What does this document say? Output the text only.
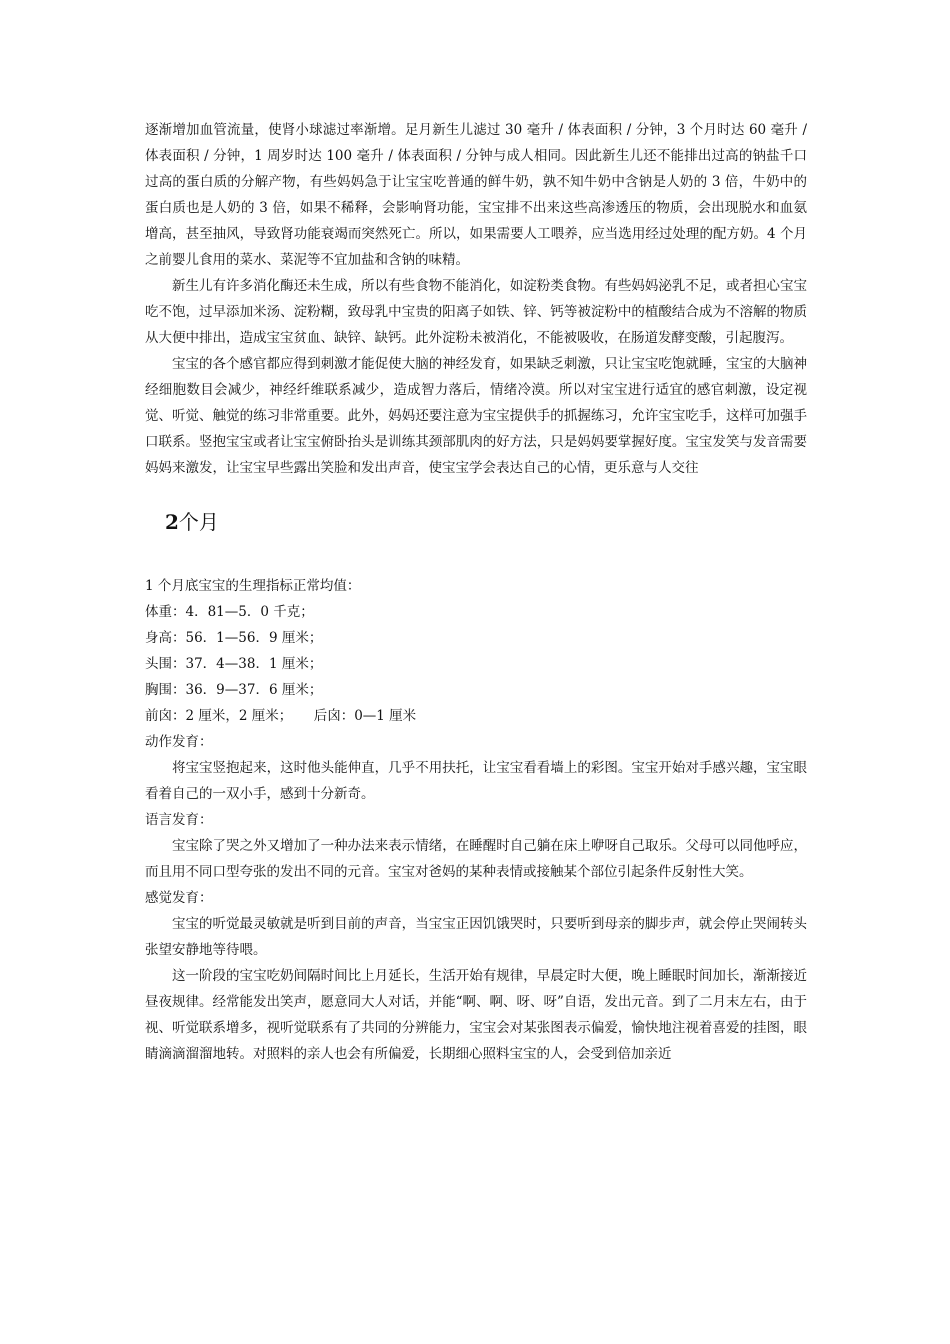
逐渐增加血管流量，使肾小球滤过率渐增。足月新生儿滤过 30 毫升 / 体表面积 / 分钟，3 个月时达 60 毫升 / 体表面积 / 分钟，1 周岁时达 100 毫升 / 体表面积 / 分钟与成人相同。因此新生儿还不能排出过高的钠盐千口过高的蛋白质的分解产物，有些妈妈急于让宝宝吃普通的鲜牛奶，孰不知牛奶中含钠是人奶的 3 倍，牛奶中的蛋白质也是人奶的 3 倍，如果不稀释，会影响肾功能，宝宝排不出来这些高渗透压的物质，会出现脱水和血氨增高，甚至抽风，导致肾功能衰竭而突然死亡。所以，如果需要人工喂养，应当选用经过处理的配方奶。4 个月之前婴儿食用的菜水、菜泥等不宜加盐和含钠的味精。

新生儿有许多消化酶还未生成，所以有些食物不能消化，如淀粉类食物。有些妈妈泌乳不足，或者担心宝宝吃不饱，过早添加米汤、淀粉糊，致母乳中宝贵的阳离子如铁、锌、钙等被淀粉中的植酸结合成为不溶解的物质从大便中排出，造成宝宝贫血、缺锌、缺钙。此外淀粉未被消化，不能被吸收，在肠道发酵变酸，引起腹泻。

宝宝的各个感官都应得到刺激才能促使大脑的神经发育，如果缺乏刺激，只让宝宝吃饱就睡，宝宝的大脑神经细胞数目会减少，神经纤维联系减少，造成智力落后，情绪冷漠。所以对宝宝进行适宜的感官刺激，设定视觉、听觉、触觉的练习非常重要。此外，妈妈还要注意为宝宝提供手的抓握练习，允许宝宝吃手，这样可加强手口联系。竖抱宝宝或者让宝宝俯卧抬头是训练其颈部肌肉的好方法，只是妈妈要掌握好度。宝宝发笑与发音需要妈妈来激发，让宝宝早些露出笑脸和发出声音，使宝宝学会表达自己的心情，更乐意与人交往

2个月

1 个月底宝宝的生理指标正常均值：

体重：4．81—5．0 千克；

身高：56．1—56．9 厘米；

头围：37．4—38．1 厘米；

胸围：36．9—37．6 厘米；

前囟：2 厘米，2 厘米；     后囟：0—1 厘米

动作发育：

将宝宝竖抱起来，这时他头能伸直，几乎不用扶托，让宝宝看看墙上的彩图。宝宝开始对手感兴趣，宝宝眼看着自己的一双小手，感到十分新奇。

语言发育：

宝宝除了哭之外又增加了一种办法来表示情绪，在睡醒时自己躺在床上咿呀自己取乐。父母可以同他呼应，而且用不同口型夸张的发出不同的元音。宝宝对爸妈的某种表情或接触某个部位引起条件反射性大笑。

感觉发育：

宝宝的听觉最灵敏就是听到目前的声音，当宝宝正因饥饿哭时，只要听到母亲的脚步声，就会停止哭闹转头张望安静地等待喂。

这一阶段的宝宝吃奶间隔时间比上月延长，生活开始有规律，早晨定时大便，晚上睡眠时间加长，渐渐接近昼夜规律。经常能发出笑声，愿意同大人对话，并能“啊、啊、呀、呀”自语，发出元音。到了二月末左右，由于视、听觉联系增多，视听觉联系有了共同的分辨能力，宝宝会对某张图表示偏爱，愉快地注视着喜爱的挂图，眼睛滴滴溜溜地转。对照料的亲人也会有所偏爱，长期细心照料宝宝的人，会受到倍加亲近
